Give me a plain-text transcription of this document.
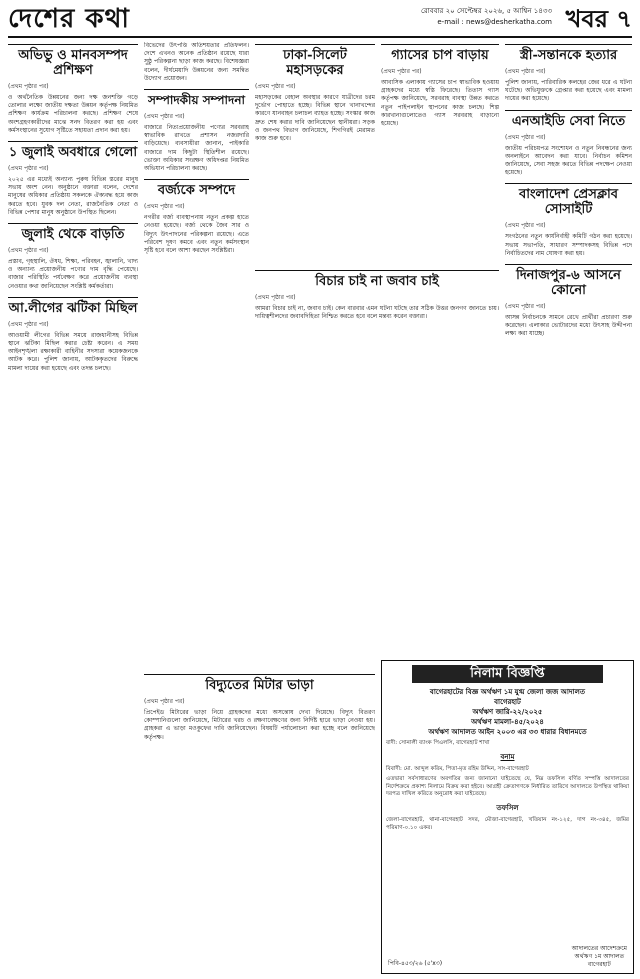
দেশের কথা	রোববার ২০ সেপ্টেম্বর ২০২৬, ৫ আশ্বিন ১৪৩৩
e-mail : news@desherkatha.com খবর ৭
অভিভু ও মানবসম্পদ প্রশিক্ষণ
(প্রথম পৃষ্ঠার পর)
ও অর্থনৈতিক উন্নয়নের জন্য দক্ষ জনশক্তি গড়ে তোলার লক্ষ্যে জাতীয় দক্ষতা উন্নয়ন কর্তৃপক্ষ নিয়মিত প্রশিক্ষণ কার্যক্রম পরিচালনা করছে। প্রশিক্ষণ শেষে অংশগ্রহণকারীদের মাঝে সনদ বিতরণ করা হয় এবং কর্মসংস্থানের সুযোগ সৃষ্টিতে সহায়তা প্রদান করা হয়।
১ জুলাই অবধারে গেলো
(প্রথম পৃষ্ঠার পর)
২০২৫ এর মধ্যেই অন্যান্য পুরুষ বিভিন্ন স্তরের মানুষ সভায় অংশ নেন। অনুষ্ঠানে বক্তারা বলেন, দেশের মানুষের অধিকার প্রতিষ্ঠায় সকলকে ঐক্যবদ্ধ হয়ে কাজ করতে হবে। যুবক দল নেতা, রাজনৈতিক নেতা ও বিভিন্ন পেশার মানুষ অনুষ্ঠানে উপস্থিত ছিলেন।
জুলাই থেকে বাড়তি
(প্রথম পৃষ্ঠার পর)
প্রস্তাব, গৃহস্থালি, ঔষধ, শিক্ষা, পরিবহন, জ্বালানি, খাদ্য ও অন্যান্য প্রয়োজনীয় পণ্যের দাম বৃদ্ধি পেয়েছে। বাজার পরিস্থিতি পর্যবেক্ষণ করে প্রয়োজনীয় ব্যবস্থা নেওয়ার কথা জানিয়েছেন সংশ্লিষ্ট কর্মকর্তারা।
আ.লীগের ঝটিকা মিছিল
(প্রথম পৃষ্ঠার পর)
আওয়ামী লীগের বিভিন্ন সময়ে রাজধানীসহ বিভিন্ন স্থানে ঝটিকা মিছিল করার চেষ্টা করেন। এ সময় আইনশৃঙ্খলা রক্ষাকারী বাহিনীর সদস্যরা কয়েকজনকে আটক করে। পুলিশ জানায়, আটককৃতদের বিরুদ্ধে মামলা দায়ের করা হয়েছে এবং তদন্ত চলছে।
বিভেদের উৎপত্তি অতিশয়তার প্রতিফলন। দেশে এখনও অনেক প্রতিষ্ঠান রয়েছে যারা সুষ্ঠু পরিকল্পনা ছাড়া কাজ করছে। বিশেষজ্ঞরা বলেন, দীর্ঘমেয়াদি উন্নয়নের জন্য সমন্বিত উদ্যোগ প্রয়োজন।
সম্পাদকীয় সম্পাদনা
(প্রথম পৃষ্ঠার পর)
বাজারে নিত্যপ্রয়োজনীয় পণ্যের সরবরাহ স্বাভাবিক রাখতে প্রশাসন নজরদারি বাড়িয়েছে। ব্যবসায়ীরা জানান, পাইকারি বাজারে দাম কিছুটা স্থিতিশীল রয়েছে। ভোক্তা অধিকার সংরক্ষণ অধিদপ্তর নিয়মিত অভিযান পরিচালনা করছে।
বর্জ্যকে সম্পদে
(প্রথম পৃষ্ঠার পর)
নগরীর বর্জ্য ব্যবস্থাপনায় নতুন প্রকল্প হাতে নেওয়া হয়েছে। বর্জ্য থেকে জৈব সার ও বিদ্যুৎ উৎপাদনের পরিকল্পনা রয়েছে। এতে পরিবেশ দূষণ কমবে এবং নতুন কর্মসংস্থান সৃষ্টি হবে বলে আশা করছেন সংশ্লিষ্টরা।
ঢাকা-সিলেট মহাসড়কের
(প্রথম পৃষ্ঠার পর)
মহাসড়কের বেহাল অবস্থার কারণে যাত্রীদের চরম দুর্ভোগ পোহাতে হচ্ছে। বিভিন্ন স্থানে খানাখন্দের কারণে যানবাহন চলাচল ব্যাহত হচ্ছে। সংস্কার কাজ দ্রুত শেষ করার দাবি জানিয়েছেন স্থানীয়রা। সড়ক ও জনপথ বিভাগ জানিয়েছে, শিগগিরই মেরামত কাজ শুরু হবে।
গ্যাসের চাপ বাড়ায়
(প্রথম পৃষ্ঠার পর)
আবাসিক এলাকায় গ্যাসের চাপ স্বাভাবিক হওয়ায় গ্রাহকদের মধ্যে স্বস্তি ফিরেছে। তিতাস গ্যাস কর্তৃপক্ষ জানিয়েছে, সরবরাহ ব্যবস্থা উন্নত করতে নতুন পাইপলাইন স্থাপনের কাজ চলছে। শিল্প কারখানাগুলোতেও গ্যাস সরবরাহ বাড়ানো হয়েছে।
স্ত্রী-সন্তানকে হত্যার
(প্রথম পৃষ্ঠার পর)
পুলিশ জানায়, পারিবারিক কলহের জের ধরে এ ঘটনা ঘটেছে। অভিযুক্তকে গ্রেপ্তার করা হয়েছে এবং মামলা দায়ের করা হয়েছে।
এনআইডি সেবা নিতে
(প্রথম পৃষ্ঠার পর)
জাতীয় পরিচয়পত্র সংশোধন ও নতুন নিবন্ধনের জন্য অনলাইনে আবেদন করা যাবে। নির্বাচন কমিশন জানিয়েছে, সেবা সহজ করতে বিভিন্ন পদক্ষেপ নেওয়া হয়েছে।
বাংলাদেশ প্রেসক্লাব সোসাইটি
(প্রথম পৃষ্ঠার পর)
সংগঠনের নতুন কার্যনির্বাহী কমিটি গঠন করা হয়েছে। সভায় সভাপতি, সাধারণ সম্পাদকসহ বিভিন্ন পদে নির্বাচিতদের নাম ঘোষণা করা হয়।
দিনাজপুর-৬ আসনে কোনো
(প্রথম পৃষ্ঠার পর)
আসন্ন নির্বাচনকে সামনে রেখে প্রার্থীরা প্রচারণা শুরু করেছেন। এলাকার ভোটারদের মধ্যে উৎসাহ উদ্দীপনা লক্ষ্য করা যাচ্ছে।
বিচার চাই না জবাব চাই
(প্রথম পৃষ্ঠার পর)
আমরা বিচার চাই না, জবাব চাই। কেন বারবার এমন ঘটনা ঘটছে তার সঠিক উত্তর জনগণ জানতে চায়। দায়িত্বশীলদের জবাবদিহিতা নিশ্চিত করতে হবে বলে মন্তব্য করেন বক্তারা।
বিদ্যুতের মিটার ভাড়া
(প্রথম পৃষ্ঠার পর)
প্রিপেইড মিটারের ভাড়া নিয়ে গ্রাহকদের মধ্যে অসন্তোষ দেখা দিয়েছে। বিদ্যুৎ বিতরণ কোম্পানিগুলো জানিয়েছে, মিটারের খরচ ও রক্ষণাবেক্ষণের জন্য নির্দিষ্ট হারে ভাড়া নেওয়া হয়। গ্রাহকরা এ ভাড়া মওকুফের দাবি জানিয়েছেন। বিষয়টি পর্যালোচনা করা হচ্ছে বলে জানিয়েছে কর্তৃপক্ষ।
নিলাম বিজ্ঞপ্তি
বাগেরহাটের বিজ্ঞ অর্থঋণ ১ম যুগ্ম জেলা জজ আদালত
বাগেরহাট
অর্থঋণ জারি-২২/২০২৫
অর্থঋণ মামলা-৪৫/২০২৪
অর্থঋণ আদালত আইন ২০০৩ এর ৩৩ ধারার বিধানমতে
বাদী: সোনালী ব্যাংক পিএলসি, বাগেরহাট শাখা
বনাম
বিবাদী: মো. আব্দুল করিম, পিতা-মৃত রহিম উদ্দিন, সাং-বাগেরহাট
এতদ্বারা সর্বসাধারণের অবগতির জন্য জানানো যাইতেছে যে, নিম্ন তফসিল বর্ণিত সম্পত্তি আদালতের নির্দেশক্রমে প্রকাশ্য নিলামে বিক্রয় করা হইবে। আগ্রহী ক্রেতাগণকে নির্ধারিত তারিখে আদালতে উপস্থিত থাকিয়া দরপত্র দাখিল করিতে অনুরোধ করা যাইতেছে।
তফসিল
জেলা-বাগেরহাট, থানা-বাগেরহাট সদর, মৌজা-বাগেরহাট, খতিয়ান নং-১২৫, দাগ নং-৩৪৫, জমির পরিমাণ-০.১০ একর।
পিবি-৪৫৩/২৬ (৫'x৩)
আদালতের আদেশক্রমে
অর্থঋণ ১ম আদালত
বাগেরহাট
